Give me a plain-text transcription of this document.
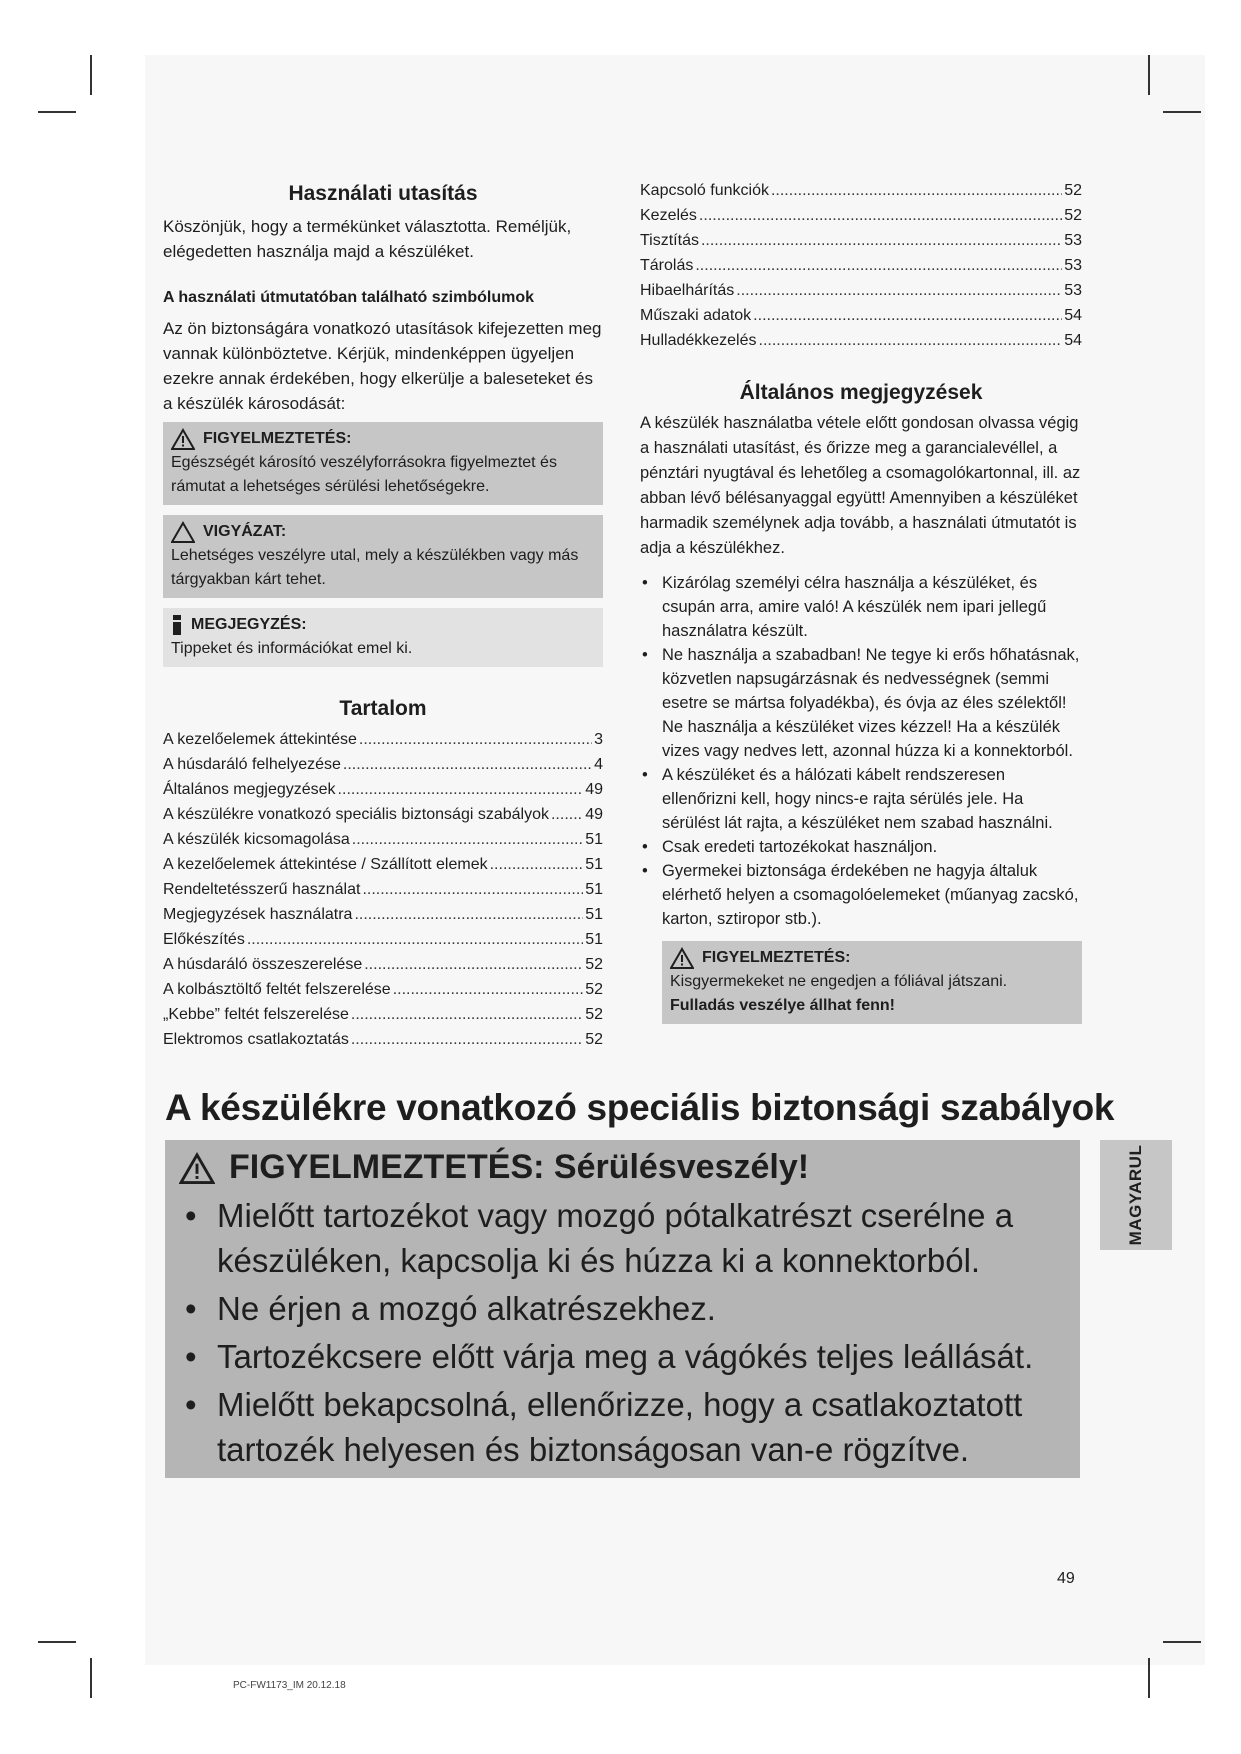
Használati utasítás

Köszönjük, hogy a termékünket választotta. Reméljük, elégedetten használja majd a készüléket.

A használati útmutatóban található szimbólumok

Az ön biztonságára vonatkozó utasítások kifejezetten meg vannak különböztetve. Kérjük, mindenképpen ügyeljen ezekre annak érdekében, hogy elkerülje a baleseteket és a készülék károsodását:

FIGYELMEZTETÉS:
Egészségét károsító veszélyforrásokra figyelmeztet és rámutat a lehetséges sérülési lehetőségekre.
VIGYÁZAT:
Lehetséges veszélyre utal, mely a készülékben vagy más tárgyakban kárt tehet.
MEGJEGYZÉS:
Tippeket és információkat emel ki.
Tartalom
A kezelőelemek áttekintése .....	3
A húsdaráló felhelyezése .....	4
Általános megjegyzések .....	49
A készülékre vonatkozó speciális biztonsági szabályok ..... 49
A készülék kicsomagolása .....	51
A kezelőelemek áttekintése / Szállított elemek .....	51
Rendeltetésszerű használat .....	51
Megjegyzések használatra .....	51
Előkészítés .....	51
A húsdaráló összeszerelése .....	52
A kolbásztöltő feltét felszerelése .....	52
„Kebbe” feltét felszerelése .....	52
Elektromos csatlakoztatás .....	52
Kapcsoló funkciók .....	52
Kezelés .....	52
Tisztítás .....	53
Tárolás .....	53
Hibaelhárítás .....	53
Műszaki adatok .....	54
Hulladékkezelés .....	54
Általános megjegyzések

A készülék használatba vétele előtt gondosan olvassa végig a használati utasítást, és őrizze meg a garancialevéllel, a pénztári nyugtával és lehetőleg a csomagolókartonnal, ill. az abban lévő bélésanyaggal együtt! Amennyiben a készüléket harmadik személynek adja tovább, a használati útmutatót is adja a készülékhez.

• Kizárólag személyi célra használja a készüléket, és csupán arra, amire való! A készülék nem ipari jellegű használatra készült.
• Ne használja a szabadban! Ne tegye ki erős hőhatásnak, közvetlen napsugárzásnak és nedvességnek (semmi esetre se mártsa folyadékba), és óvja az éles szélektől! Ne használja a készüléket vizes kézzel! Ha a készülék vizes vagy nedves lett, azonnal húzza ki a konnektorból.
• A készüléket és a hálózati kábelt rendszeresen ellenőrizni kell, hogy nincs-e rajta sérülés jele. Ha sérülést lát rajta, a készüléket nem szabad használni.
• Csak eredeti tartozékokat használjon.
• Gyermekei biztonsága érdekében ne hagyja általuk elérhető helyen a csomagolóelemeket (műanyag zacskó, karton, sztiropor stb.).
FIGYELMEZTETÉS:
Kisgyermekeket ne engedjen a fóliával játszani.
Fulladás veszélye állhat fenn!
A készülékre vonatkozó speciális biztonsági szabályok
FIGYELMEZTETÉS: Sérülésveszély!
• Mielőtt tartozékot vagy mozgó pótalkatrészt cserélne a készüléken, kapcsolja ki és húzza ki a konnektorból.
• Ne érjen a mozgó alkatrészekhez.
• Tartozékcsere előtt várja meg a vágókés teljes leállását.
• Mielőtt bekapcsolná, ellenőrizze, hogy a csatlakoztatott tartozék helyesen és biztonságosan van-e rögzítve.
MAGYARUL
49
PC-FW1173_IM 20.12.18
